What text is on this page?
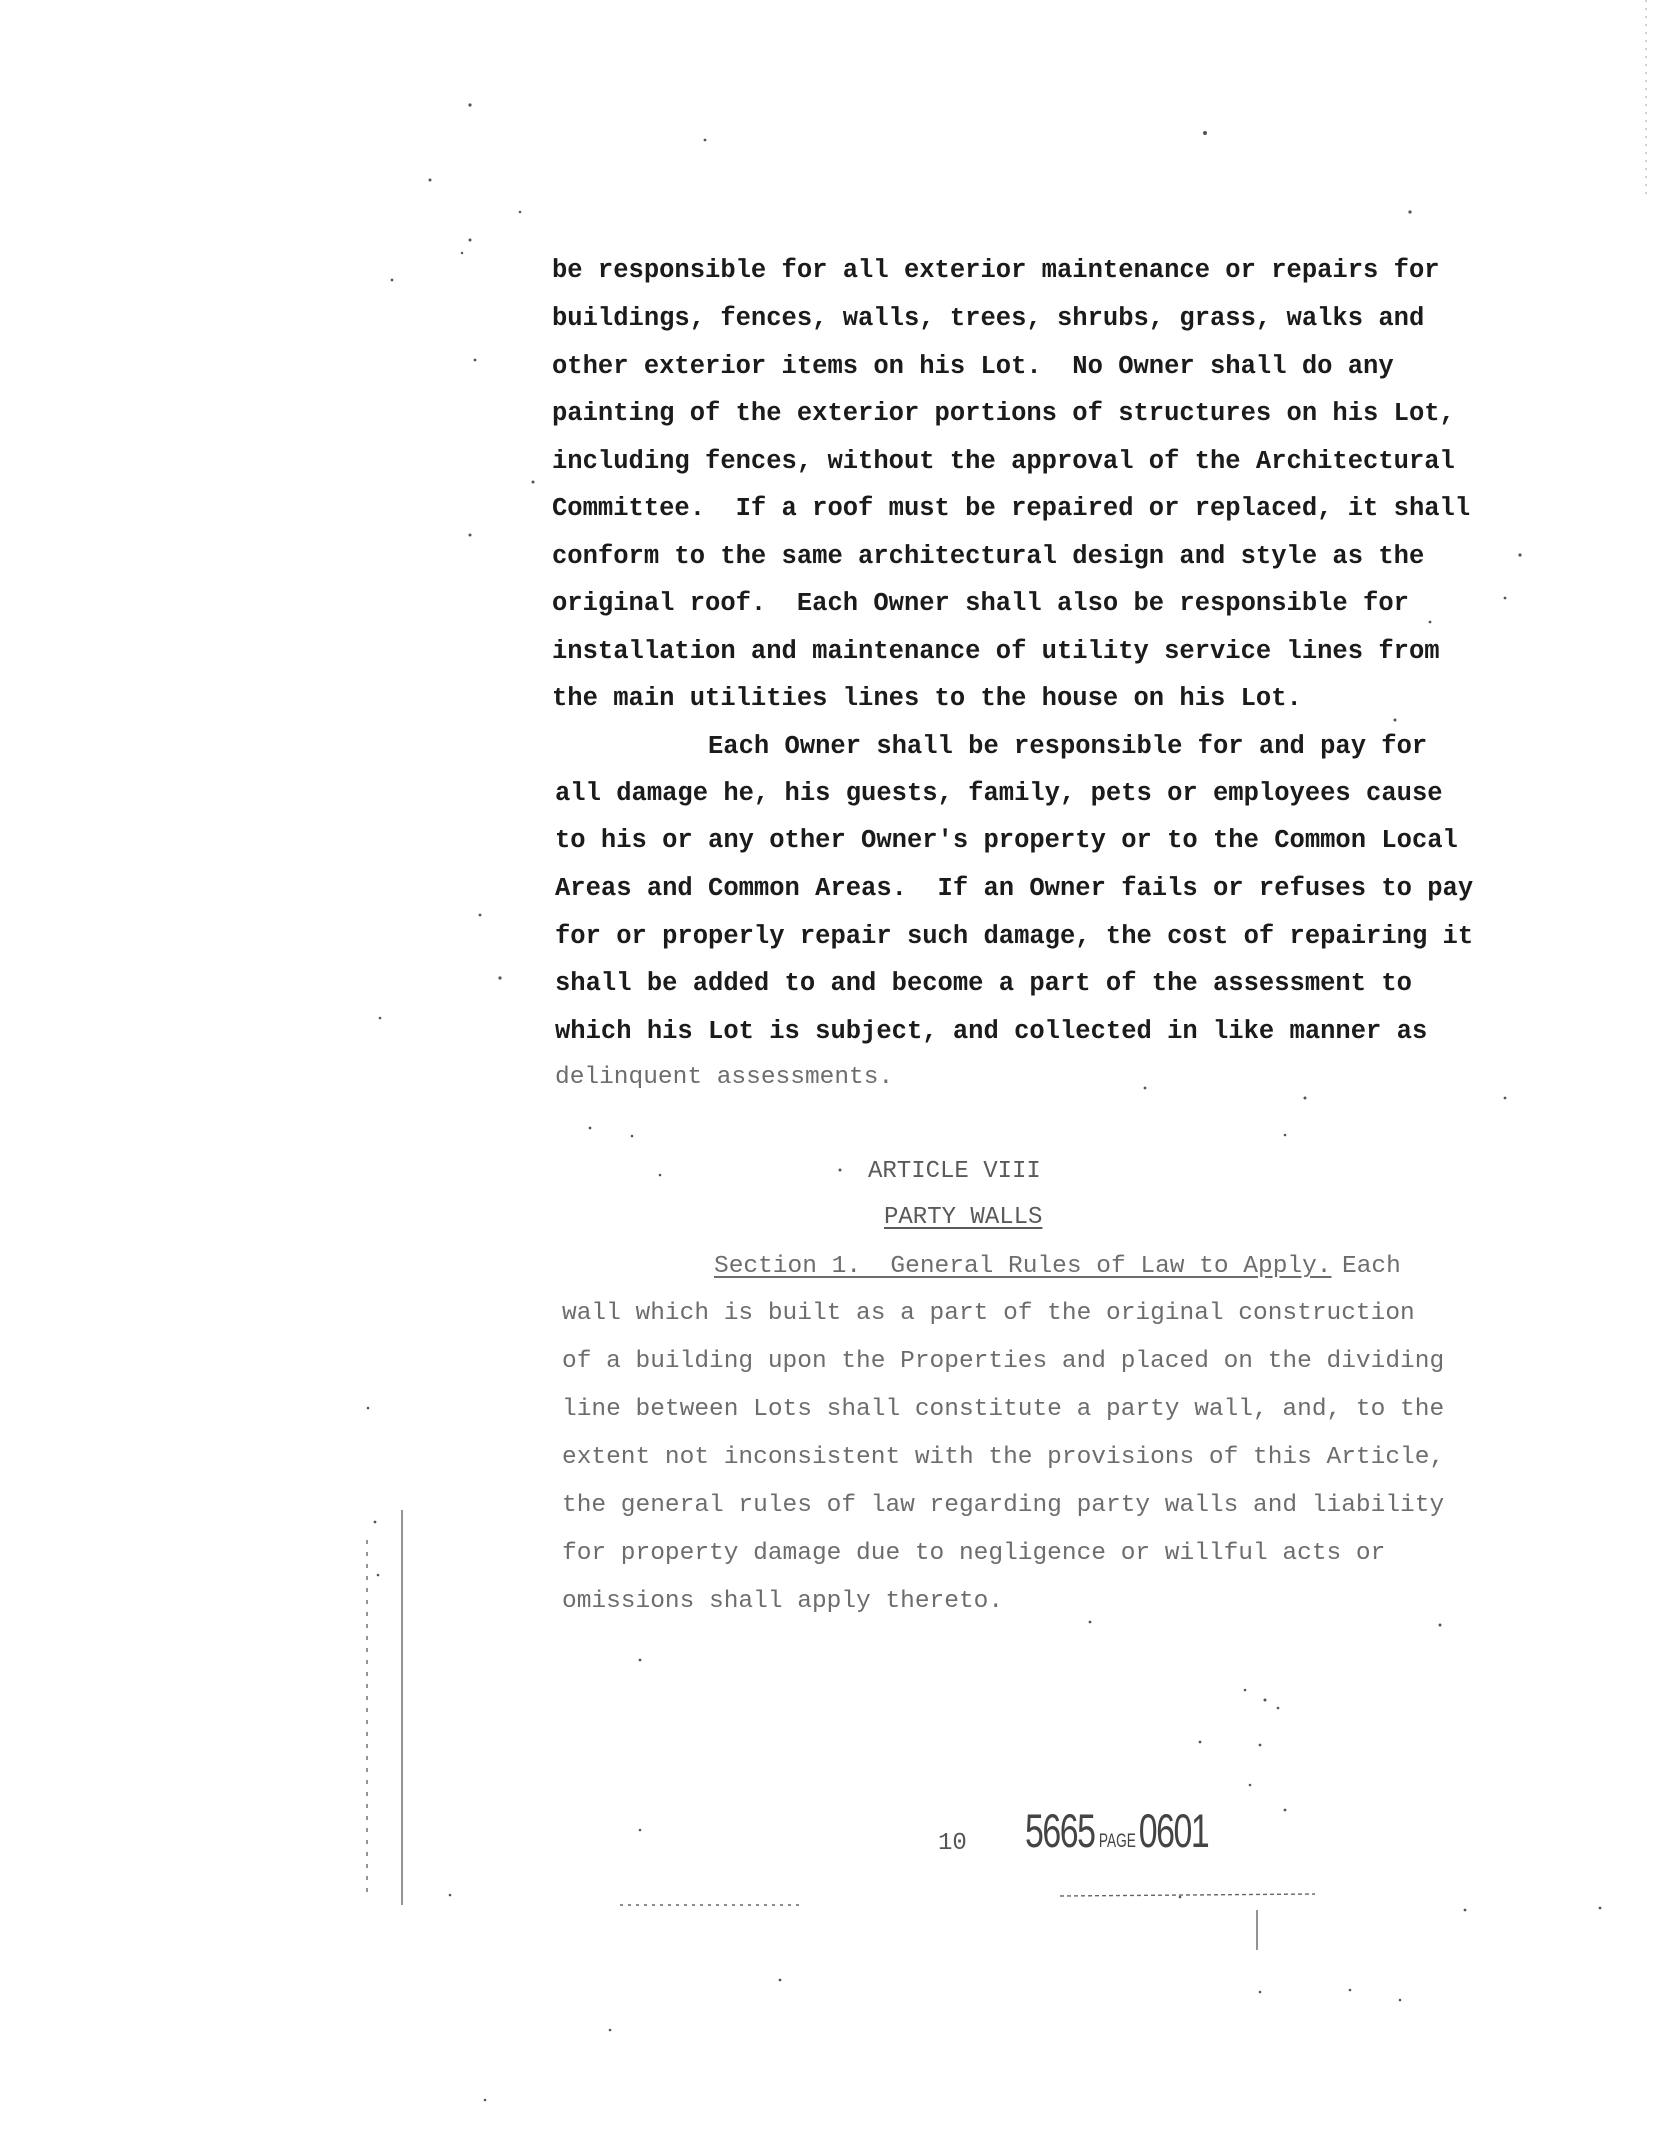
be responsible for all exterior maintenance or repairs for
buildings, fences, walls, trees, shrubs, grass, walks and
other exterior items on his Lot.  No Owner shall do any
painting of the exterior portions of structures on his Lot,
including fences, without the approval of the Architectural
Committee.  If a roof must be repaired or replaced, it shall
conform to the same architectural design and style as the
original roof.  Each Owner shall also be responsible for
installation and maintenance of utility service lines from
the main utilities lines to the house on his Lot.
Each Owner shall be responsible for and pay for
all damage he, his guests, family, pets or employees cause
to his or any other Owner's property or to the Common Local
Areas and Common Areas.  If an Owner fails or refuses to pay
for or properly repair such damage, the cost of repairing it
shall be added to and become a part of the assessment to
which his Lot is subject, and collected in like manner as
delinquent assessments.
ARTICLE VIII
PARTY WALLS
Section 1.  General Rules of Law to Apply. Each
wall which is built as a part of the original construction
of a building upon the Properties and placed on the dividing
line between Lots shall constitute a party wall, and, to the
extent not inconsistent with the provisions of this Article,
the general rules of law regarding party walls and liability
for property damage due to negligence or willful acts or
omissions shall apply thereto.
10 5665 PAGE0601
